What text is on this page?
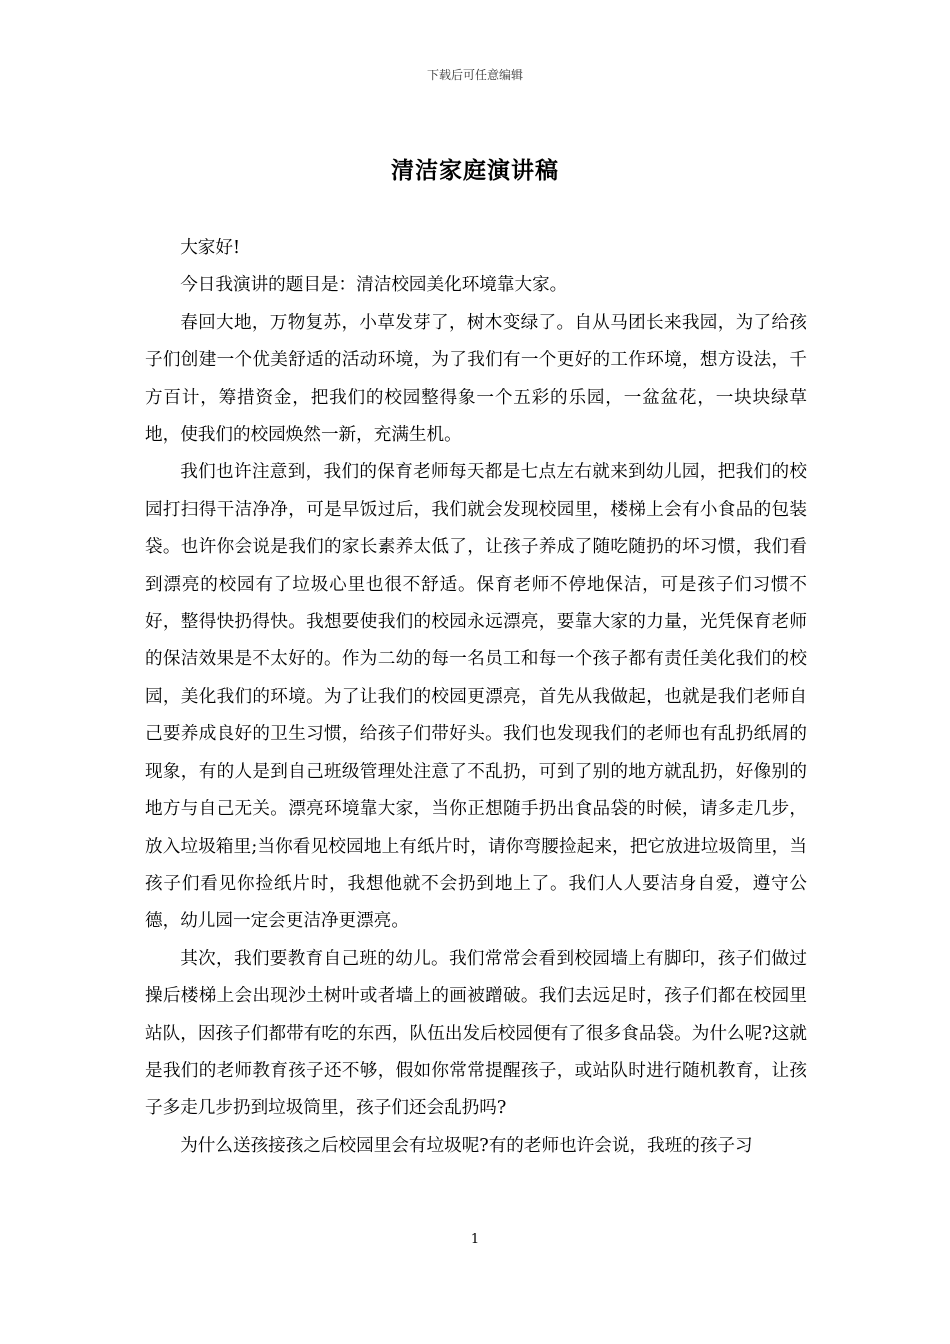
下载后可任意编辑
清洁家庭演讲稿

大家好!

今日我演讲的题目是：清洁校园美化环境靠大家。

春回大地，万物复苏，小草发芽了，树木变绿了。自从马团长来我园，为了给孩子们创建一个优美舒适的活动环境，为了我们有一个更好的工作环境，想方设法，千方百计，筹措资金，把我们的校园整得象一个五彩的乐园，一盆盆花，一块块绿草地，使我们的校园焕然一新，充满生机。

我们也许注意到，我们的保育老师每天都是七点左右就来到幼儿园，把我们的校园打扫得干洁净净，可是早饭过后，我们就会发现校园里，楼梯上会有小食品的包装袋。也许你会说是我们的家长素养太低了，让孩子养成了随吃随扔的坏习惯，我们看到漂亮的校园有了垃圾心里也很不舒适。保育老师不停地保洁，可是孩子们习惯不好，整得快扔得快。我想要使我们的校园永远漂亮，要靠大家的力量，光凭保育老师的保洁效果是不太好的。作为二幼的每一名员工和每一个孩子都有责任美化我们的校园，美化我们的环境。为了让我们的校园更漂亮，首先从我做起，也就是我们老师自己要养成良好的卫生习惯，给孩子们带好头。我们也发现我们的老师也有乱扔纸屑的现象，有的人是到自己班级管理处注意了不乱扔，可到了别的地方就乱扔，好像别的地方与自己无关。漂亮环境靠大家，当你正想随手扔出食品袋的时候，请多走几步，放入垃圾箱里;当你看见校园地上有纸片时，请你弯腰捡起来，把它放进垃圾筒里，当孩子们看见你捡纸片时，我想他就不会扔到地上了。我们人人要洁身自爱，遵守公德，幼儿园一定会更洁净更漂亮。

其次，我们要教育自己班的幼儿。我们常常会看到校园墙上有脚印，孩子们做过操后楼梯上会出现沙土树叶或者墙上的画被蹭破。我们去远足时，孩子们都在校园里站队，因孩子们都带有吃的东西，队伍出发后校园便有了很多食品袋。为什么呢?这就是我们的老师教育孩子还不够，假如你常常提醒孩子，或站队时进行随机教育，让孩子多走几步扔到垃圾筒里，孩子们还会乱扔吗?

为什么送孩接孩之后校园里会有垃圾呢?有的老师也许会说，我班的孩子习

1
